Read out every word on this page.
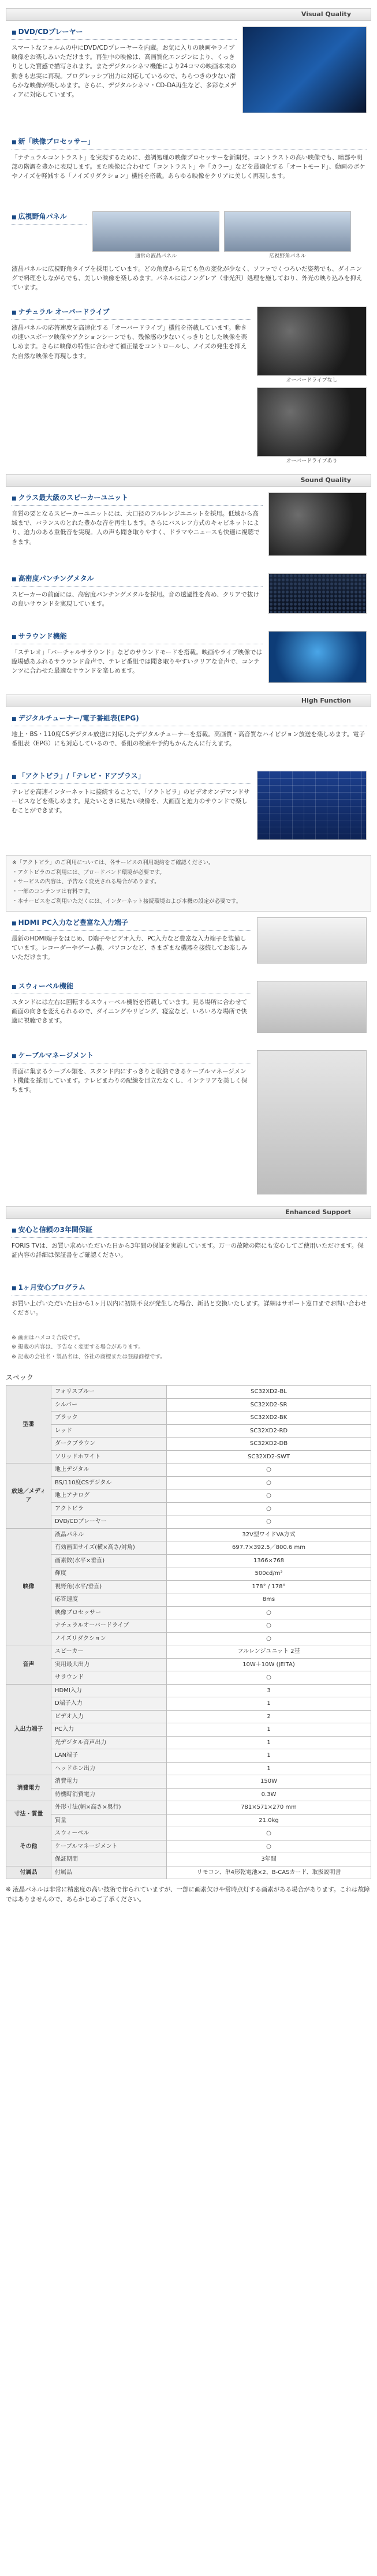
Visual Quality
■ DVD/CDプレーヤー
スマートなフォルムの中にDVD/CDプレーヤーを内蔵。お気に入りの映画やライブ映像をお楽しみいただけます。再生中の映像は、高画質化エンジンにより、くっきりとした質感で描写されます。またデジタルシネマ機能により24コマの映画本来の動きも忠実に再現。プログレッシブ出力に対応しているので、ちらつきの少ない滑らかな映像が楽しめます。さらに、デジタルシネマ・CD-DA再生など、多彩なメディアに対応しています。
■ 新「映像プロセッサー」
「ナチュラルコントラスト」を実現するために、強調処理の映像プロセッサーを新開発。コントラストの高い映像でも、暗部や明部の階調を豊かに表現します。また映像に合わせて「コントラスト」や「カラー」などを最適化する「オートモード」、動画のボケやノイズを軽減する「ノイズリダクション」機能を搭載。あらゆる映像をクリアに美しく再現します。
■ 広視野角パネル
通常の液晶パネル	広視野角パネル
液晶パネルに広視野角タイプを採用しています。どの角度から見ても色の変化が少なく、ソファでくつろいだ姿勢でも、ダイニングで料理をしながらでも、美しい映像を楽しめます。パネルにはノングレア（非光沢）処理を施しており、外光の映り込みを抑えています。
■ ナチュラル オーバードライブ
液晶パネルの応答速度を高速化する「オーバードライブ」機能を搭載しています。動きの速いスポーツ映像やアクションシーンでも、残像感の少ないくっきりとした映像を楽しめます。さらに映像の特性に合わせて補正量をコントロールし、ノイズの発生を抑えた自然な映像を再現します。
オーバードライブなし
オーバードライブあり
Sound Quality
■ クラス最大級のスピーカーユニット
音質の要となるスピーカーユニットには、大口径のフルレンジユニットを採用。低域から高域まで、バランスのとれた豊かな音を再生します。さらにバスレフ方式のキャビネットにより、迫力のある重低音を実現。人の声も聞き取りやすく、ドラマやニュースも快適に視聴できます。
■ 高密度パンチングメタル
スピーカーの前面には、高密度パンチングメタルを採用。音の透過性を高め、クリアで抜けの良いサウンドを実現しています。
■ サラウンド機能
「ステレオ」「バーチャルサラウンド」などのサウンドモードを搭載。映画やライブ映像では臨場感あふれるサラウンド音声で、テレビ番組では聞き取りやすいクリアな音声で、コンテンツに合わせた最適なサウンドを楽しめます。
High Function
■ デジタルチューナー/電子番組表(EPG)
地上・BS・110度CSデジタル放送に対応したデジタルチューナーを搭載。高画質・高音質なハイビジョン放送を楽しめます。電子番組表（EPG）にも対応しているので、番組の検索や予約もかんたんに行えます。
■ 「アクトビラ」/「テレビ・ドアプラス」
テレビを高速インターネットに接続することで、「アクトビラ」のビデオオンデマンドサービスなどを楽しめます。見たいときに見たい映像を、大画面と迫力のサウンドで楽しむことができます。
※「アクトビラ」のご利用については、各サービスの利用規約をご確認ください。
・アクトビラのご利用には、ブロードバンド環境が必要です。
・サービスの内容は、予告なく変更される場合があります。
・一部のコンテンツは有料です。
・本サービスをご利用いただくには、インターネット接続環境および本機の設定が必要です。
■ HDMI PC入力など豊富な入力端子
最新のHDMI端子をはじめ、D端子やビデオ入力、PC入力など豊富な入力端子を装備しています。レコーダーやゲーム機、パソコンなど、さまざまな機器を接続してお楽しみいただけます。
■ スウィーベル機能
スタンドには左右に回転するスウィーベル機能を搭載しています。見る場所に合わせて画面の向きを変えられるので、ダイニングやリビング、寝室など、いろいろな場所で快適に視聴できます。
■ ケーブルマネージメント
背面に集まるケーブル類を、スタンド内にすっきりと収納できるケーブルマネージメント機能を採用しています。テレビまわりの配線を目立たなくし、インテリアを美しく保ちます。
Enhanced Support
■ 安心と信頼の3年間保証
FORIS TVは、お買い求めいただいた日から3年間の保証を実施しています。万一の故障の際にも安心してご使用いただけます。保証内容の詳細は保証書をご確認ください。
■ 1ヶ月安心プログラム
お買い上げいただいた日から1ヶ月以内に初期不良が発生した場合、新品と交換いたします。詳細はサポート窓口までお問い合わせください。
※ 画面はハメコミ合成です。
※ 掲載の内容は、予告なく変更する場合があります。
※ 記載の会社名・製品名は、各社の商標または登録商標です。
スペック
型番	フォリスブルー	SC32XD2-BL
	シルバー	SC32XD2-SR
	ブラック	SC32XD2-BK
	レッド	SC32XD2-RD
	ダークブラウン	SC32XD2-DB
	ソリッドホワイト	SC32XD2-SWT
放送／メディア	地上デジタル	○
	BS/110度CSデジタル	○
	地上アナログ	○
	アクトビラ	○
	DVD/CDプレーヤー	○
映像	液晶パネル	32V型ワイドVA方式
	有効画面サイズ(横×高さ/対角)	697.7×392.5／800.6 mm
	画素数(水平×垂直)	1366×768
	輝度	500cd/m²
	視野角(水平/垂直)	178° / 178°
	応答速度	8ms
	映像プロセッサー	○
	ナチュラルオーバードライブ	○
	ノイズリダクション	○
音声	スピーカー	フルレンジユニット 2基
	実用最大出力	10W＋10W (JEITA)
	サラウンド	○
入出力端子	HDMI入力	3
	D端子入力	1
	ビデオ入力	2
	PC入力	1
	光デジタル音声出力	1
	LAN端子	1
	ヘッドホン出力	1
消費電力	消費電力	150W
	待機時消費電力	0.3W
寸法・質量	外形寸法(幅×高さ×奥行)	781×571×270 mm
	質量	21.0kg
その他	スウィーベル	○
	ケーブルマネージメント	○
	保証期間	3年間
付属品	付属品	リモコン、単4形乾電池×2、B-CASカード、取扱説明書
※ 液晶パネルは非常に精密度の高い技術で作られていますが、一部に画素欠けや常時点灯する画素がある場合があります。これは故障ではありませんので、あらかじめご了承ください。
